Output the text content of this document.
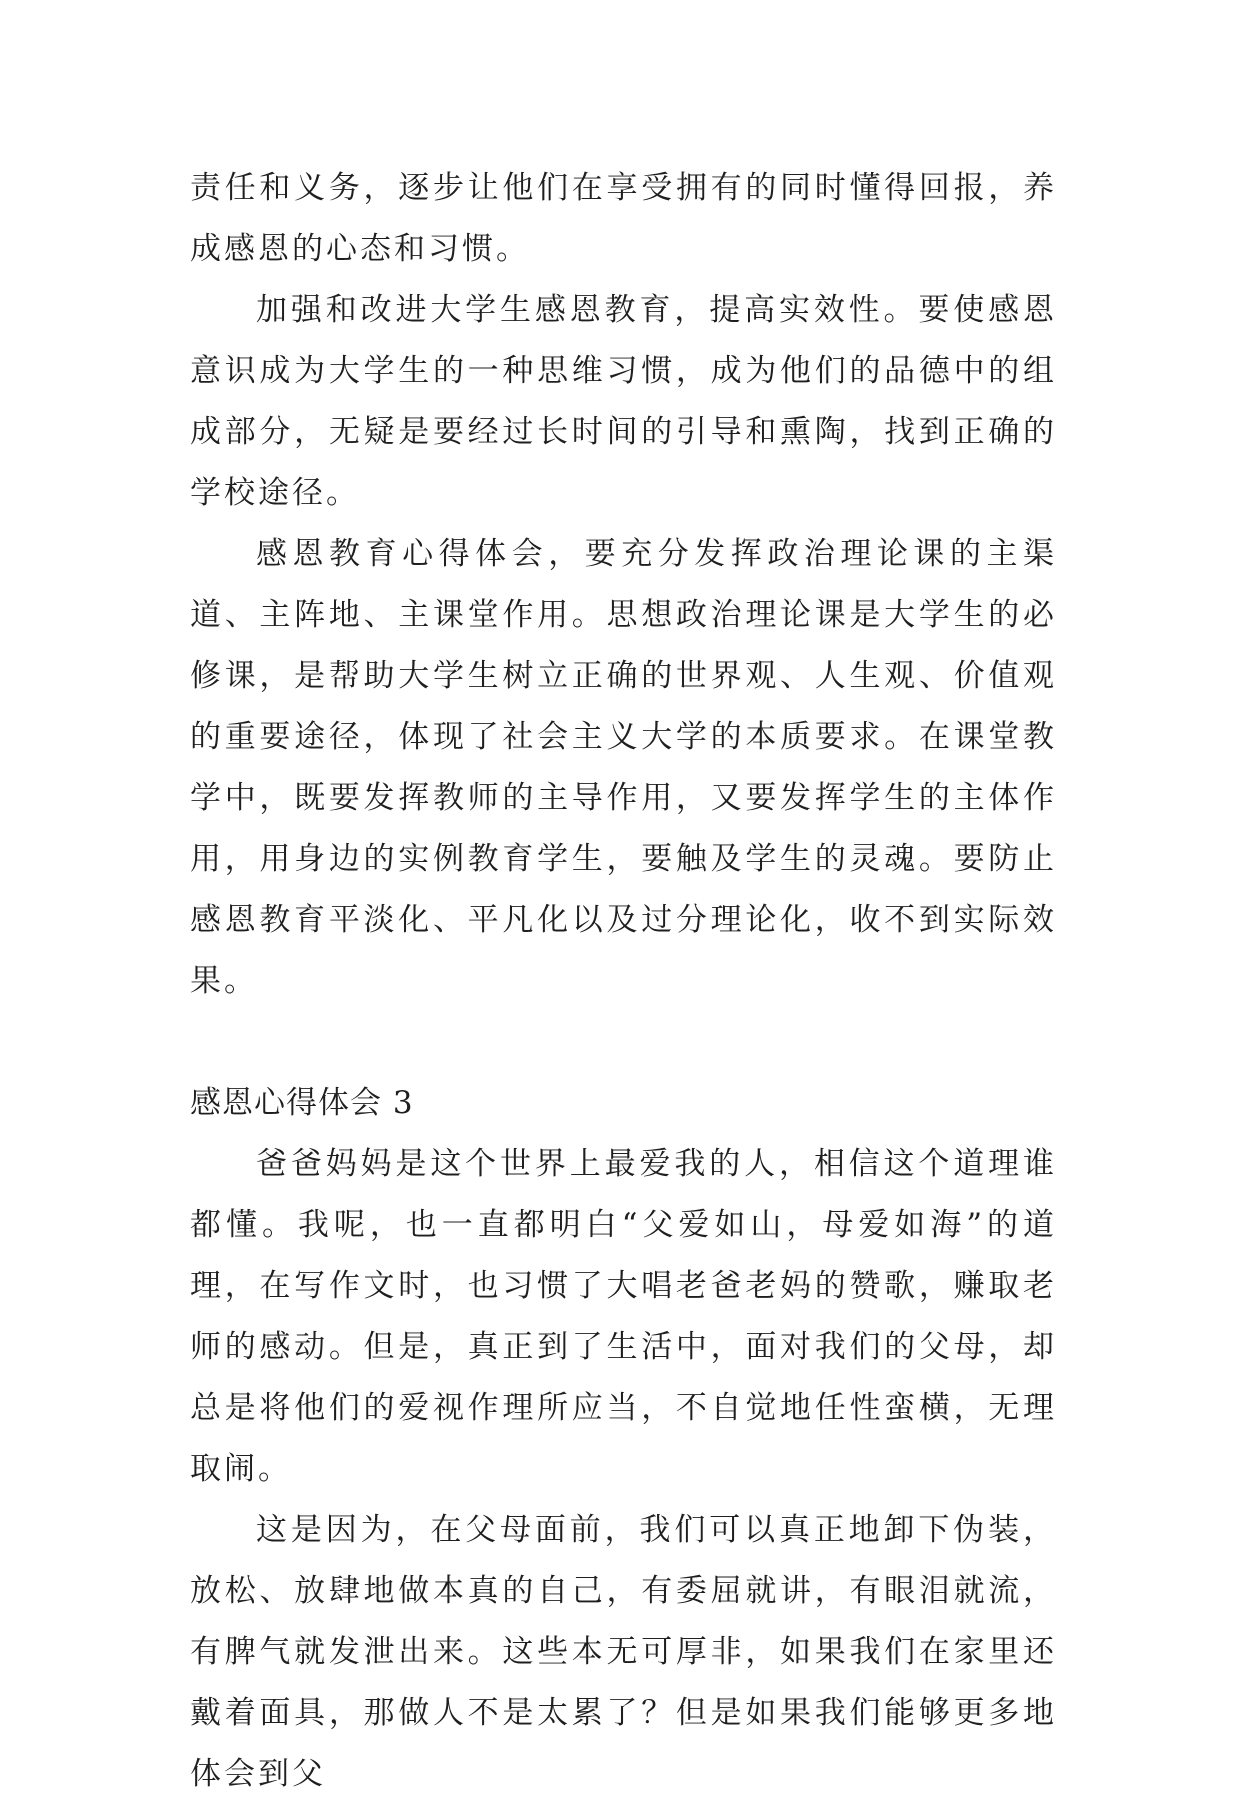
责任和义务，逐步让他们在享受拥有的同时懂得回报，养成感恩的心态和习惯。

加强和改进大学生感恩教育，提高实效性。要使感恩意识成为大学生的一种思维习惯，成为他们的品德中的组成部分，无疑是要经过长时间的引导和熏陶，找到正确的学校途径。

感恩教育心得体会，要充分发挥政治理论课的主渠道、主阵地、主课堂作用。思想政治理论课是大学生的必修课，是帮助大学生树立正确的世界观、人生观、价值观的重要途径，体现了社会主义大学的本质要求。在课堂教学中，既要发挥教师的主导作用，又要发挥学生的主体作用，用身边的实例教育学生，要触及学生的灵魂。要防止感恩教育平淡化、平凡化以及过分理论化，收不到实际效果。

感恩心得体会 3

爸爸妈妈是这个世界上最爱我的人，相信这个道理谁都懂。我呢，也一直都明白“父爱如山，母爱如海”的道理，在写作文时，也习惯了大唱老爸老妈的赞歌，赚取老师的感动。但是，真正到了生活中，面对我们的父母，却总是将他们的爱视作理所应当，不自觉地任性蛮横，无理取闹。

这是因为，在父母面前，我们可以真正地卸下伪装，放松、放肆地做本真的自己，有委屈就讲，有眼泪就流，有脾气就发泄出来。这些本无可厚非，如果我们在家里还戴着面具，那做人不是太累了？但是如果我们能够更多地体会到父
